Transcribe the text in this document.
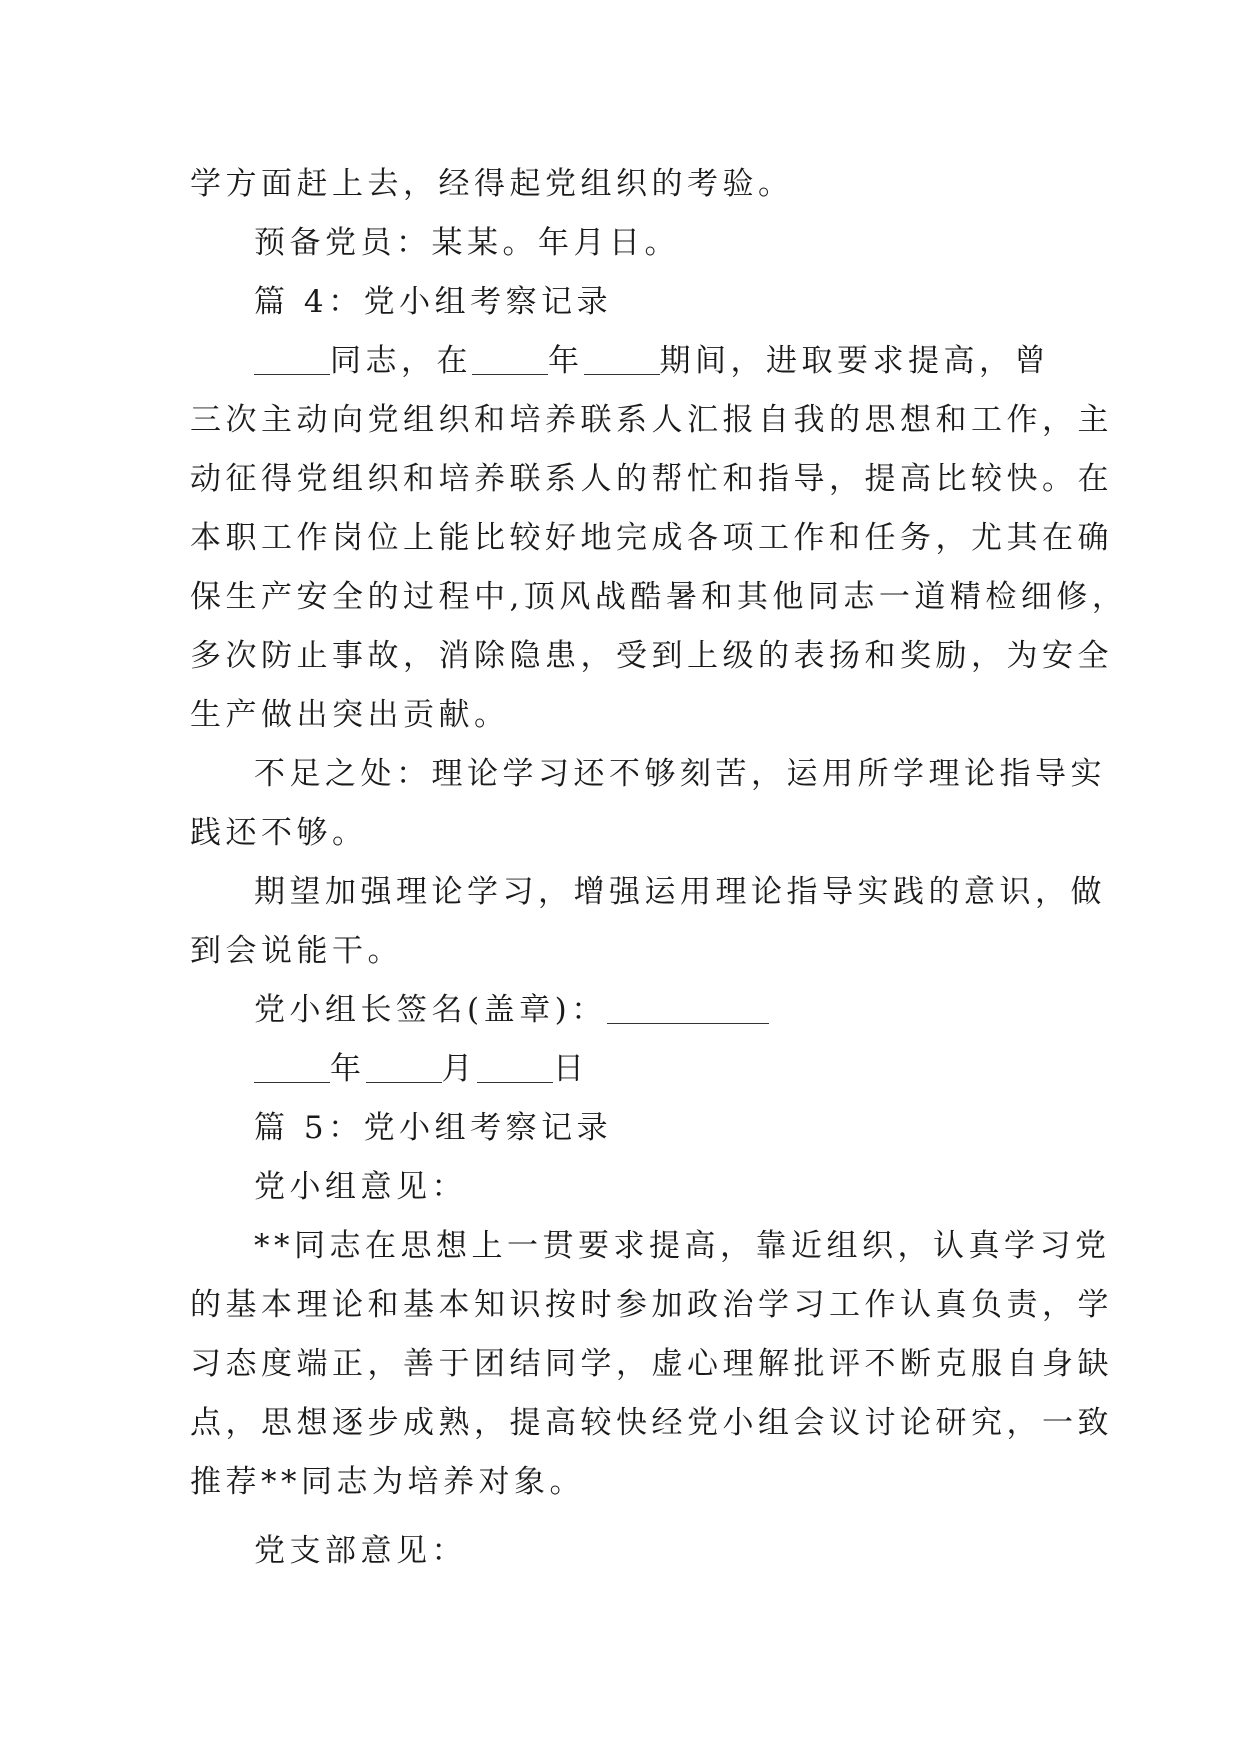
学方面赶上去，经得起党组织的考验。
预备党员：某某。年月日。
篇 4：党小组考察记录
同志，在 年 期间，进取要求提高，曾
三次主动向党组织和培养联系人汇报自我的思想和工作，主
动征得党组织和培养联系人的帮忙和指导，提高比较快。在
本职工作岗位上能比较好地完成各项工作和任务，尤其在确
保生产安全的过程中,顶风战酷暑和其他同志一道精检细修，
多次防止事故，消除隐患，受到上级的表扬和奖励，为安全
生产做出突出贡献。
不足之处：理论学习还不够刻苦，运用所学理论指导实
践还不够。
期望加强理论学习，增强运用理论指导实践的意识，做
到会说能干。
党小组长签名(盖章)：
年 月 日
篇 5：党小组考察记录
党小组意见：
**同志在思想上一贯要求提高，靠近组织，认真学习党
的基本理论和基本知识按时参加政治学习工作认真负责，学
习态度端正，善于团结同学，虚心理解批评不断克服自身缺
点，思想逐步成熟，提高较快经党小组会议讨论研究，一致
推荐**同志为培养对象。
党支部意见：
